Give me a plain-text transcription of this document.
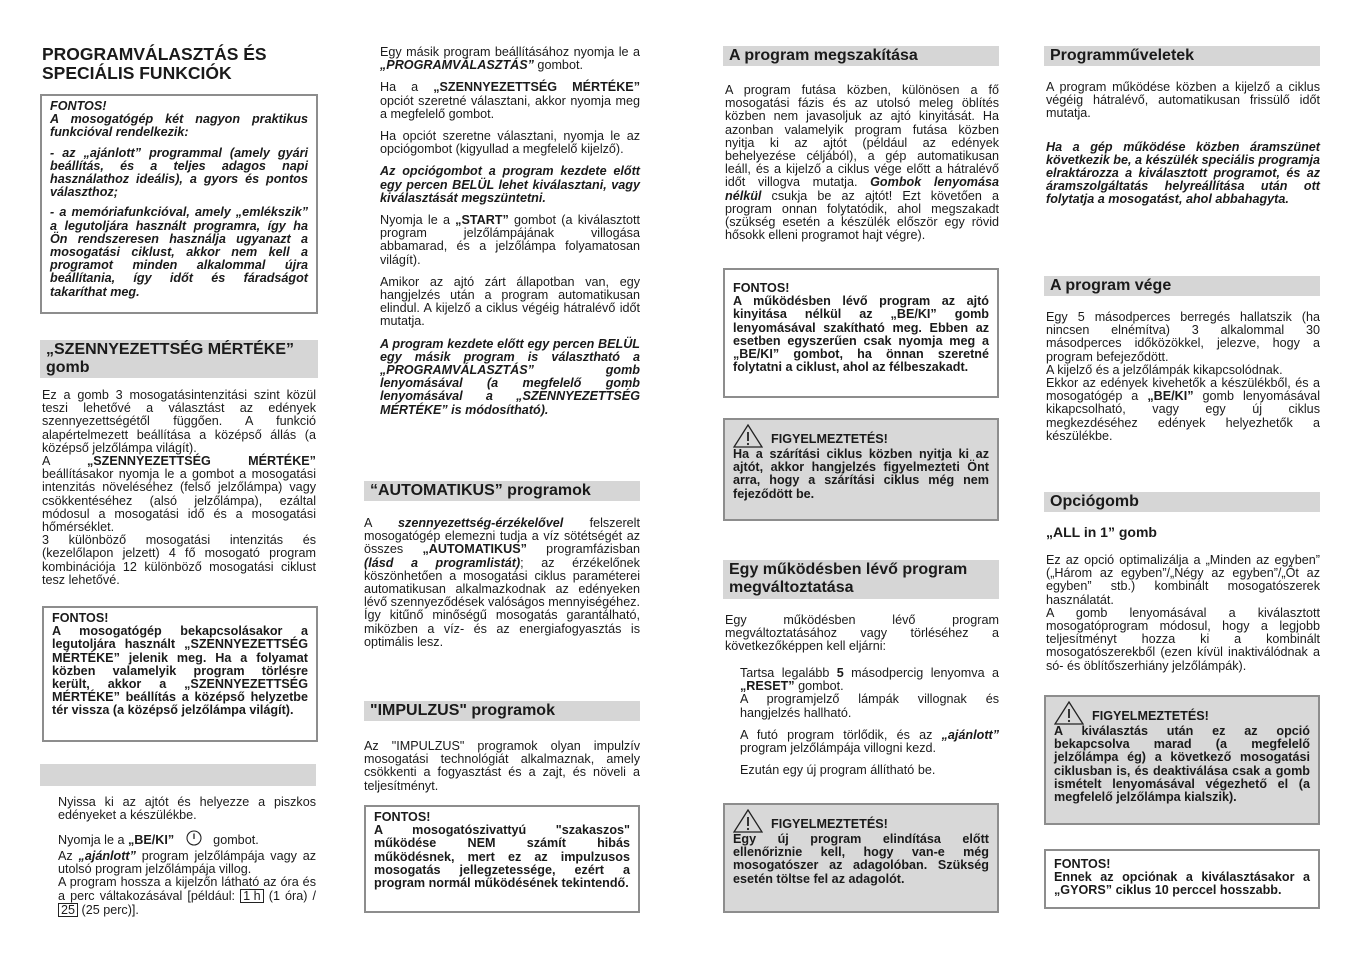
PROGRAMVÁLASZTÁS ÉS SPECIÁLIS FUNKCIÓK
FONTOS!
A mosogatógép két nagyon praktikus funkcióval rendelkezik:
- az „ajánlott” programmal (amely gyári beállítás, és a teljes adagos napi használathoz ideális), a gyors és pontos választhoz;
- a memóriafunkcióval, amely „emlékszik” a legutoljára használt programra, így ha Ön rendszeresen használja ugyanazt a mosogatási ciklust, akkor nem kell a programot minden alkalommal újra beállítania, így időt és fáradságot takaríthat meg.
„SZENNYEZETTSÉG MÉRTÉKE” gomb

Ez a gomb 3 mosogatásintenzitási szint közül teszi lehetővé a választást az edények szennyezettségétől függően. A funkció alapértelmezett beállítása a középső állás (a középső jelzőlámpa világít).

A „SZENNYEZETTSÉG MÉRTÉKE” beállításakor nyomja le a gombot a mosogatási intenzitás növeléséhez (felső jelzőlámpa) vagy csökkentéséhez (alsó jelzőlámpa), ezáltal módosul a mosogatási idő és a mosogatási hőmérséklet.

3 különböző mosogatási intenzitás és (kezelőlapon jelzett) 4 fő mosogató program kombinációja 12 különböző mosogatási ciklust tesz lehetővé.

FONTOS!
A mosogatógép bekapcsolásakor a legutoljára használt „SZENNYEZETTSÉG MÉRTÉKE” jelenik meg. Ha a folyamat közben valamelyik program törlésre került, akkor a „SZENNYEZETTSÉG MÉRTÉKE” beállítás a középső helyzetbe tér vissza (a középső jelzőlámpa világít).

Nyissa ki az ajtót és helyezze a piszkos edényeket a készülékbe.

Nyomja le a „BE/KI”	gombot.

Az „ajánlott” program jelzőlámpája vagy az utolsó program jelzőlámpája villog.

A program hossza a kijelzőn látható az óra és a perc váltakozásával [például: 1 h (1 óra) / 25 (25 perc)].

Egy másik program beállításához nyomja le a „PROGRAMVÁLASZTÁS” gombot.

Ha a „SZENNYEZETTSÉG MÉRTÉKE” opciót szeretné választani, akkor nyomja meg a megfelelő gombot.

Ha opciót szeretne választani, nyomja le az opciógombot (kigyullad a megfelelő kijelző).

Az opciógombot a program kezdete előtt egy percen BELÜL lehet kiválasztani, vagy kiválasztását megszüntetni.

Nyomja le a „START” gombot (a kiválasztott program jelzőlámpájának villogása abbamarad, és a jelzőlámpa folyamatosan világít).

Amikor az ajtó zárt állapotban van, egy hangjelzés után a program automatikusan elindul. A kijelző a ciklus végéig hátralévő időt mutatja.

A program kezdete előtt egy percen BELÜL egy másik program is választható a „PROGRAMVÁLASZTÁS” gomb lenyomásával (a megfelelő gomb lenyomásával a „SZENNYEZETTSÉG MÉRTÉKE” is módosítható).

“AUTOMATIKUS” programok

A szennyezettség-érzékelővel felszerelt mosogatógép elemezni tudja a víz sötétségét az összes „AUTOMATIKUS” programfázisban (lásd a programlistát); az érzékelőnek köszönhetően a mosogatási ciklus paraméterei automatikusan alkalmazkodnak az edényeken lévő szennyeződések valóságos mennyiségéhez. Így kitűnő minőségű mosogatás garantálható, miközben a víz- és az energiafogyasztás is optimális lesz.

"IMPULZUS" programok

Az "IMPULZUS" programok olyan impulzív mosogatási technológiát alkalmaznak, amely csökkenti a fogyasztást és a zajt, és növeli a teljesítményt.

FONTOS!
A mosogatószivattyú "szakaszos" működése NEM számít hibás működésnek, mert ez az impulzusos mosogatás jellegzetessége, ezért a program normál működésének tekintendő.
A program megszakítása

A program futása közben, különösen a fő mosogatási fázis és az utolsó meleg öblítés közben nem javasoljuk az ajtó kinyitását. Ha azonban valamelyik program futása közben nyitja ki az ajtót (például az edények behelyezése céljából), a gép automatikusan leáll, és a kijelző a ciklus vége előtt a hátralévő időt villogva mutatja. Gombok lenyomása nélkül csukja be az ajtót! Ezt követően a program onnan folytatódik, ahol megszakadt (szükség esetén a készülék először egy rövid hősokk elleni programot hajt végre).

FONTOS!
A működésben lévő program az ajtó kinyitása nélkül az „BE/KI” gomb lenyomásával szakítható meg. Ebben az esetben egyszerűen csak nyomja meg a „BE/KI” gombot, ha önnan szeretné folytatni a ciklust, ahol az félbeszakadt.
FIGYELMEZTETÉS!
Ha a szárítási ciklus közben nyitja ki az ajtót, akkor hangjelzés figyelmezteti Önt arra, hogy a szárítási ciklus még nem fejeződött be.
Egy működésben lévő program megváltoztatása

Egy működésben lévő program megváltoztatásához vagy törléséhez a következőképpen kell eljárni:

Tartsa legalább 5 másodpercig lenyomva a „RESET” gombot.

A programjelző lámpák villognak és hangjelzés hallható.

A futó program törlődik, és az „ajánlott” program jelzőlámpája villogni kezd.

Ezután egy új program állítható be.

FIGYELMEZTETÉS!
Egy új program elindítása előtt ellenőriznie kell, hogy van-e még mosogatószer az adagolóban. Szükség esetén töltse fel az adagolót.
Programműveletek

A program működése közben a kijelző a ciklus végéig hátralévő, automatikusan frissülő időt mutatja.

Ha a gép működése közben áramszünet következik be, a készülék speciális programja elraktározza a kiválasztott programot, és az áramszolgáltatás helyreállítása után ott folytatja a mosogatást, ahol abbahagyta.

A program vége

Egy 5 másodperces berregés hallatszik (ha nincsen elnémítva) 3 alkalommal 30 másodperces időközökkel, jelezve, hogy a program befejeződött.

A kijelző és a jelzőlámpák kikapcsolódnak.

Ekkor az edények kivehetők a készülékből, és a mosogatógép a „BE/KI” gomb lenyomásával kikapcsolható, vagy egy új ciklus megkezdéséhez edények helyezhetők a készülékbe.

Opciógomb
„ALL in 1” gomb

Ez az opció optimalizálja a „Minden az egyben” („Három az egyben”/„Négy az egyben”/„Öt az egyben” stb.) kombinált mosogatószerek használatát.

A gomb lenyomásával a kiválasztott mosogatóprogram módosul, hogy a legjobb teljesítményt hozza ki a kombinált mosogatószerekből (ezen kívül inaktiválódnak a só- és öblítőszerhiány jelzőlámpák).

FIGYELMEZTETÉS!
A kiválasztás után ez az opció bekapcsolva marad (a megfelelő jelzőlámpa ég) a következő mosogatási ciklusban is, és deaktiválása csak a gomb ismételt lenyomásával végezhető el (a megfelelő jelzőlámpa kialszik).
FONTOS!
Ennek az opciónak a kiválasztásakor a „GYORS” ciklus 10 perccel hosszabb.
